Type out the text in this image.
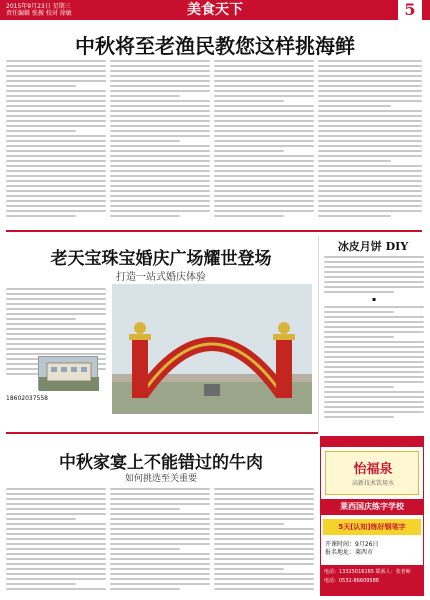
2015年9月23日 星期三
责任编辑 张振 校对 徐敏	美食天下	5
中秋将至老渔民教您这样挑海鲜
老天宝珠宝婚庆广场耀世登场
打造一站式婚庆体验
18602037558
冰皮月饼 DIY
▪
中秋家宴上不能错过的牛肉
如何挑选至关重要
怡福泉
高新技术饮用水
莱西国庆练字学校
5天[认知]练好钢笔字
开课时间：9月26日
报名地址：莱西市
电话：13325016165 联系人：张老师
电话：0532-86609588
